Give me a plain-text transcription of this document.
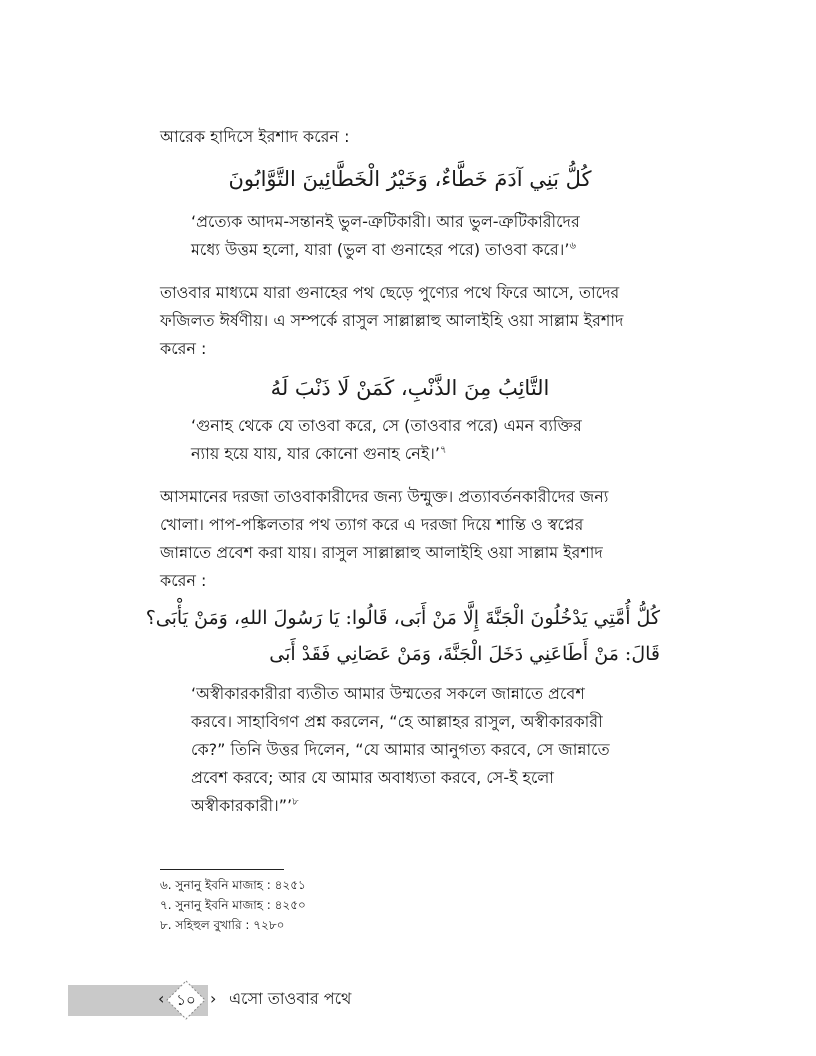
আরেক হাদিসে ইরশাদ করেন :
كُلُّ بَنِي آدَمَ خَطَّاءٌ، وَخَيْرُ الْخَطَّائِينَ التَّوَّابُونَ
‘প্রত্যেক আদম-সন্তানই ভুল-ত্রুটিকারী। আর ভুল-ত্রুটিকারীদের
মধ্যে উত্তম হলো, যারা (ভুল বা গুনাহের পরে) তাওবা করে।’$^৬$
তাওবার মাধ্যমে যারা গুনাহের পথ ছেড়ে পুণ্যের পথে ফিরে আসে, তাদের
ফজিলত ঈর্ষণীয়। এ সম্পর্কে রাসুল সাল্লাল্লাহু আলাইহি ওয়া সাল্লাম ইরশাদ
করেন :
التَّائِبُ مِنَ الذَّنْبِ، كَمَنْ لَا ذَنْبَ لَهُ
‘গুনাহ থেকে যে তাওবা করে, সে (তাওবার পরে) এমন ব্যক্তির
ন্যায় হয়ে যায়, যার কোনো গুনাহ নেই।’$^৭$
আসমানের দরজা তাওবাকারীদের জন্য উন্মুক্ত। প্রত্যাবর্তনকারীদের জন্য
খোলা। পাপ-পঙ্কিলতার পথ ত্যাগ করে এ দরজা দিয়ে শান্তি ও স্বপ্নের
জান্নাতে প্রবেশ করা যায়। রাসুল সাল্লাল্লাহু আলাইহি ওয়া সাল্লাম ইরশাদ
করেন :
كُلُّ أُمَّتِي يَدْخُلُونَ الْجَنَّةَ إِلَّا مَنْ أَبَى، قَالُوا: يَا رَسُولَ اللهِ، وَمَنْ يَأْبَى؟
قَالَ: مَنْ أَطَاعَنِي دَخَلَ الْجَنَّةَ، وَمَنْ عَصَانِي فَقَدْ أَبَى
‘অস্বীকারকারীরা ব্যতীত আমার উম্মতের সকলে জান্নাতে প্রবেশ
করবে। সাহাবিগণ প্রশ্ন করলেন, “হে আল্লাহর রাসুল, অস্বীকারকারী
কে?” তিনি উত্তর দিলেন, “যে আমার আনুগত্য করবে, সে জান্নাতে
প্রবেশ করবে; আর যে আমার অবাধ্যতা করবে, সে-ই হলো
অস্বীকারকারী।”’$^৮$
৬. সুনানু ইবনি মাজাহ : ৪২৫১
৭. সুনানু ইবনি মাজাহ : ৪২৫০
৮. সহিহুল বুখারি : ৭২৮০
‹ ১০ › এসো তাওবার পথে
